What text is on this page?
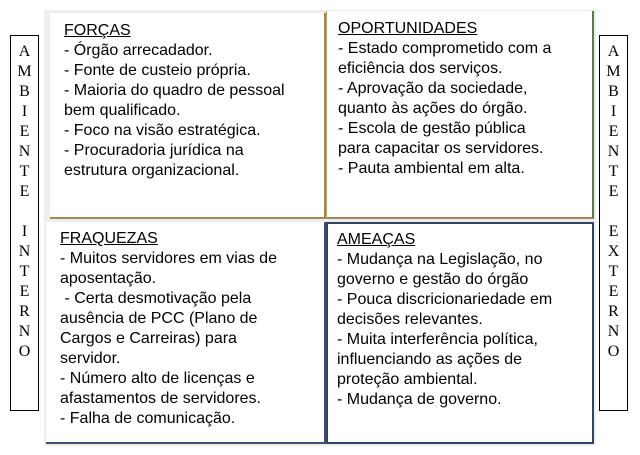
A
M
B
I
E
N
T
E
I
N
T
E
R
N
O
A
M
B
I
E
N
T
E
E
X
T
E
R
N
O
FORÇAS
- Órgão arrecadador.
- Fonte de custeio própria.
- Maioria do quadro de pessoal
bem qualificado.
- Foco na visão estratégica.
- Procuradoria jurídica na
estrutura organizacional.
OPORTUNIDADES
- Estado comprometido com a
eficiência dos serviços.
- Aprovação da sociedade,
quanto às ações do órgão.
- Escola de gestão pública
para capacitar os servidores.
- Pauta ambiental em alta.
FRAQUEZAS
- Muitos servidores em vias de
aposentação.
- Certa desmotivação pela
ausência de PCC (Plano de
Cargos e Carreiras) para
servidor.
- Número alto de licenças e
afastamentos de servidores.
- Falha de comunicação.
AMEAÇAS
- Mudança na Legislação, no
governo e gestão do órgão
- Pouca discricionariedade em
decisões relevantes.
- Muita interferência política,
influenciando as ações de
proteção ambiental.
- Mudança de governo.
